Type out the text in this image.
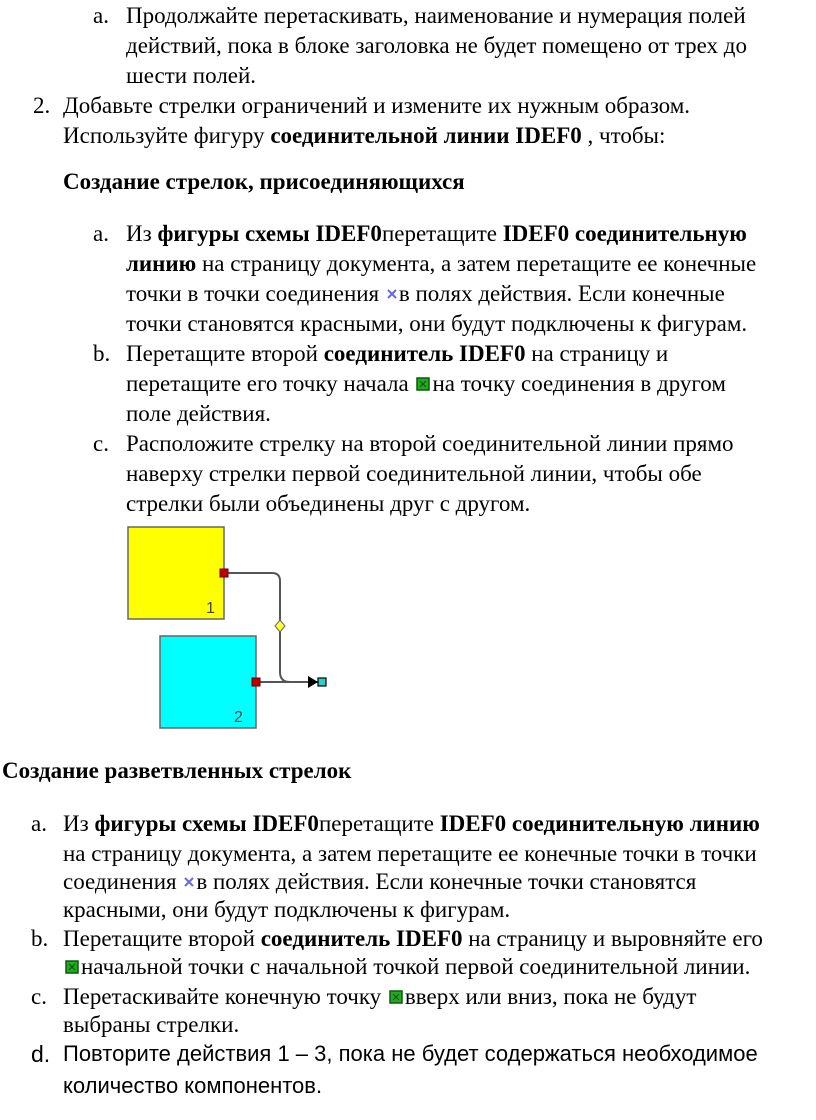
a. Продолжайте перетаскивать, наименование и нумерация полей
действий, пока в блоке заголовка не будет помещено от трех до
шести полей.
2. Добавьте стрелки ограничений и измените их нужным образом.
Используйте фигуру соединительной линии IDEF0 , чтобы:
Создание стрелок, присоединяющихся
a. Из фигуры схемы IDEF0перетащите IDEF0 соединительную
линию на страницу документа, а затем перетащите ее конечные
точки в точки соединения в полях действия. Если конечные
точки становятся красными, они будут подключены к фигурам.
b. Перетащите второй соединитель IDEF0 на страницу и
перетащите его точку начала на точку соединения в другом
поле действия.
c. Расположите стрелку на второй соединительной линии прямо
наверху стрелки первой соединительной линии, чтобы обе
стрелки были объединены друг с другом.
1
2
Создание разветвленных стрелок
a. Из фигуры схемы IDEF0перетащите IDEF0 соединительную линию
на страницу документа, а затем перетащите ее конечные точки в точки
соединения в полях действия. Если конечные точки становятся
красными, они будут подключены к фигурам.
b. Перетащите второй соединитель IDEF0 на страницу и выровняйте его
начальной точки с начальной точкой первой соединительной линии.
c. Перетаскивайте конечную точку вверх или вниз, пока не будут
выбраны стрелки.
d. Повторите действия 1 – 3, пока не будет содержаться необходимое
количество компонентов.
